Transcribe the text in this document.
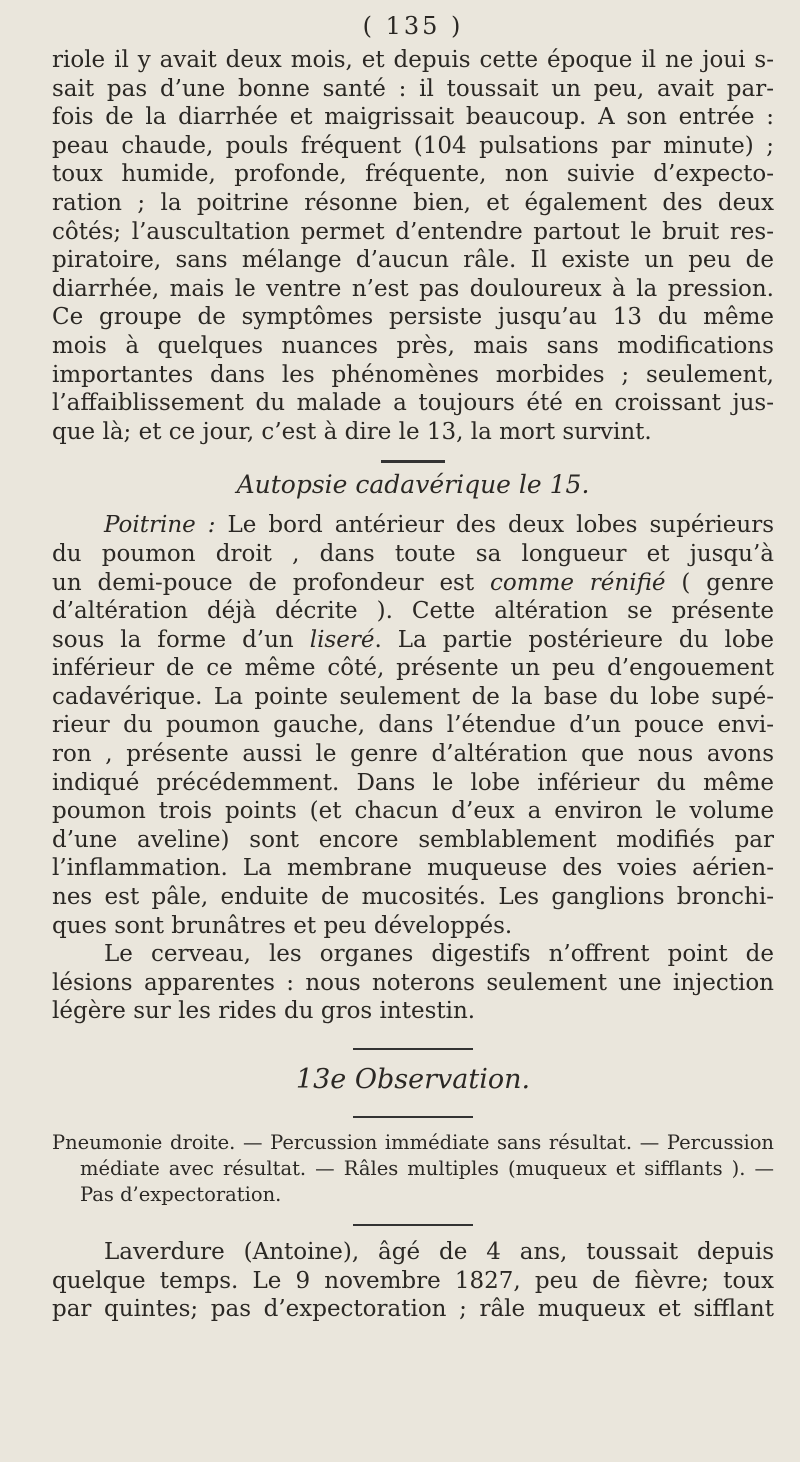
( 135 )
riole il y avait deux mois, et depuis cette époque il ne joui s-
sait pas d’une bonne santé : il toussait un peu, avait par-
fois de la diarrhée et maigrissait beaucoup. A son entrée :
peau chaude, pouls fréquent (104 pulsations par minute) ;
toux humide, profonde, fréquente, non suivie d’expecto-
ration ; la poitrine résonne bien, et également des deux
côtés; l’auscultation permet d’entendre partout le bruit res-
piratoire, sans mélange d’aucun râle. Il existe un peu de
diarrhée, mais le ventre n’est pas douloureux à la pression.
Ce groupe de symptômes persiste jusqu’au 13 du même
mois à quelques nuances près, mais sans modifications
importantes dans les phénomènes morbides ; seulement,
l’affaiblissement du malade a toujours été en croissant jus-
que là; et ce jour, c’est à dire le 13, la mort survint.
Autopsie cadavérique le 15.
Poitrine : Le bord antérieur des deux lobes supérieurs
du poumon droit , dans toute sa longueur et jusqu’à
un demi-pouce de profondeur est comme rénifié ( genre
d’altération déjà décrite ). Cette altération se présente
sous la forme d’un liseré. La partie postérieure du lobe
inférieur de ce même côté, présente un peu d’engouement
cadavérique. La pointe seulement de la base du lobe supé-
rieur du poumon gauche, dans l’étendue d’un pouce envi-
ron , présente aussi le genre d’altération que nous avons
indiqué précédemment. Dans le lobe inférieur du même
poumon trois points (et chacun d’eux a environ le volume
d’une aveline) sont encore semblablement modifiés par
l’inflammation. La membrane muqueuse des voies aérien-
nes est pâle, enduite de mucosités. Les ganglions bronchi-
ques sont brunâtres et peu développés.
Le cerveau, les organes digestifs n’offrent point de
lésions apparentes : nous noterons seulement une injection
légère sur les rides du gros intestin.
13e Observation.
Pneumonie droite. — Percussion immédiate sans résultat. — Percussion
médiate avec résultat. — Râles multiples (muqueux et sifflants ). —
Pas d’expectoration.
Laverdure (Antoine), âgé de 4 ans, toussait depuis
quelque temps. Le 9 novembre 1827, peu de fièvre; toux
par quintes; pas d’expectoration ; râle muqueux et sifflant
